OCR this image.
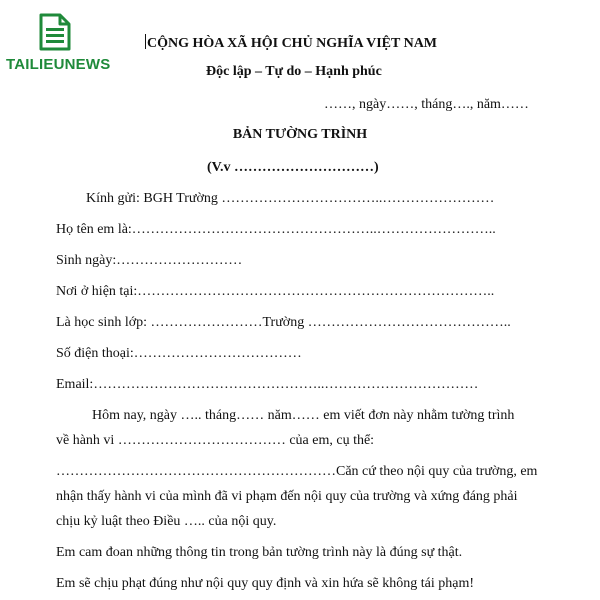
TAILIEUNEWS
CỘNG HÒA XÃ HỘI CHỦ NGHĨA VIỆT NAM
Độc lập – Tự do – Hạnh phúc
……, ngày……, tháng…., năm……
BẢN TƯỜNG TRÌNH
(V.v …………………………)
Kính gửi: BGH Trường ……………………………..……………………
Họ tên em là:……………………………………………..……………………..
Sinh ngày:………………………
Nơi ở hiện tại:…………………………………………………………………..
Là học sinh lớp: ……………………Trường ……………………………………..
Số điện thoại:………………………………
Email:…………………………………………..……………………………
Hôm nay, ngày ….. tháng…… năm…… em viết đơn này nhằm tường trình
về hành vi ……………………………… của em, cụ thể:
……………………………………………………Căn cứ theo nội quy của trường, em
nhận thấy hành vi của mình đã vi phạm đến nội quy của trường và xứng đáng phải
chịu kỷ luật theo Điều ….. của nội quy.
Em cam đoan những thông tin trong bản tường trình này là đúng sự thật.
Em sẽ chịu phạt đúng như nội quy quy định và xin hứa sẽ không tái phạm!
